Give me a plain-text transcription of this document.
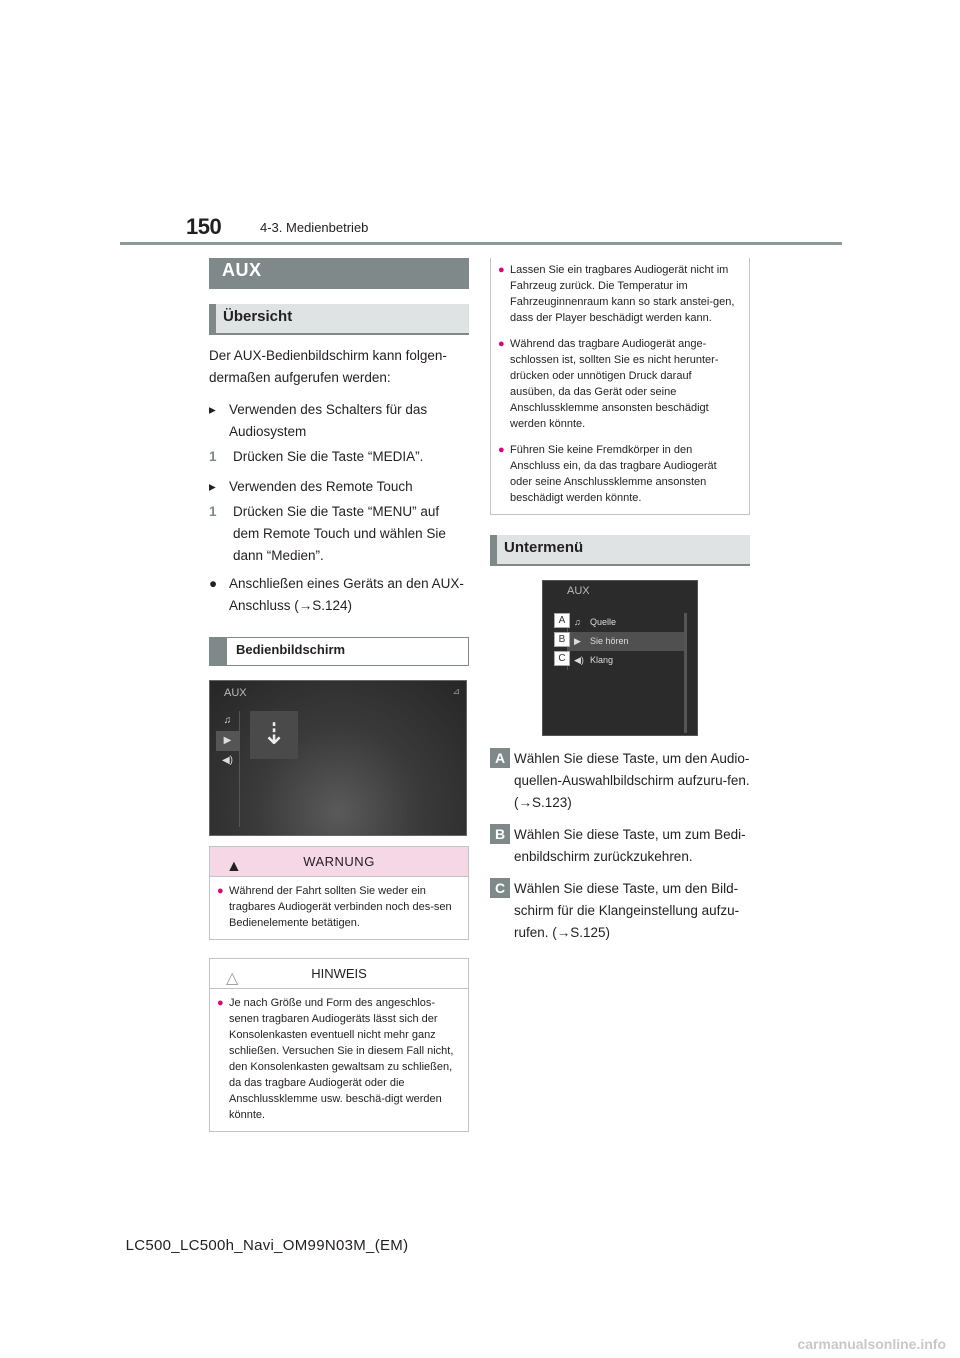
150	4-3. Medienbetrieb
AUX
Übersicht

Der AUX-Bedienbildschirm kann folgen-dermaßen aufgerufen werden:

▸ Verwenden des Schalters für das Audiosystem
1	Drücken Sie die Taste “MEDIA”.
▸ Verwenden des Remote Touch
1	Drücken Sie die Taste “MENU” auf dem Remote Touch und wählen Sie dann “Medien”.
● Anschließen eines Geräts an den AUX-Anschluss (→S.124)
Bedienbildschirm
AUX	⊿
♫
▶
◀)
⇣
▲	WARNUNG
● Während der Fahrt sollten Sie weder ein tragbares Audiogerät verbinden noch des-sen Bedienelemente betätigen.
△	HINWEIS
● Je nach Größe und Form des angeschlos-senen tragbaren Audiogeräts lässt sich der Konsolenkasten eventuell nicht mehr ganz schließen. Versuchen Sie in diesem Fall nicht, den Konsolenkasten gewaltsam zu schließen, da das tragbare Audiogerät oder die Anschlussklemme usw. beschä-digt werden könnte.
● Lassen Sie ein tragbares Audiogerät nicht im Fahrzeug zurück. Die Temperatur im Fahrzeuginnenraum kann so stark anstei-gen, dass der Player beschädigt werden kann.
● Während das tragbare Audiogerät ange-schlossen ist, sollten Sie es nicht herunter-drücken oder unnötigen Druck darauf ausüben, da das Gerät oder seine Anschlussklemme ansonsten beschädigt werden könnte.
● Führen Sie keine Fremdkörper in den Anschluss ein, da das tragbare Audiogerät oder seine Anschlussklemme ansonsten beschädigt werden könnte.
Untermenü
AUX
♫ Quelle
▶ Sie hören
◀) Klang
A
B
C
A Wählen Sie diese Taste, um den Audio-quellen-Auswahlbildschirm aufzuru-fen. (→S.123)
B Wählen Sie diese Taste, um zum Bedi-enbildschirm zurückzukehren.
C Wählen Sie diese Taste, um den Bild-schirm für die Klangeinstellung aufzu-rufen. (→S.125)
LC500_LC500h_Navi_OM99N03M_(EM)
carmanualsonline.info
